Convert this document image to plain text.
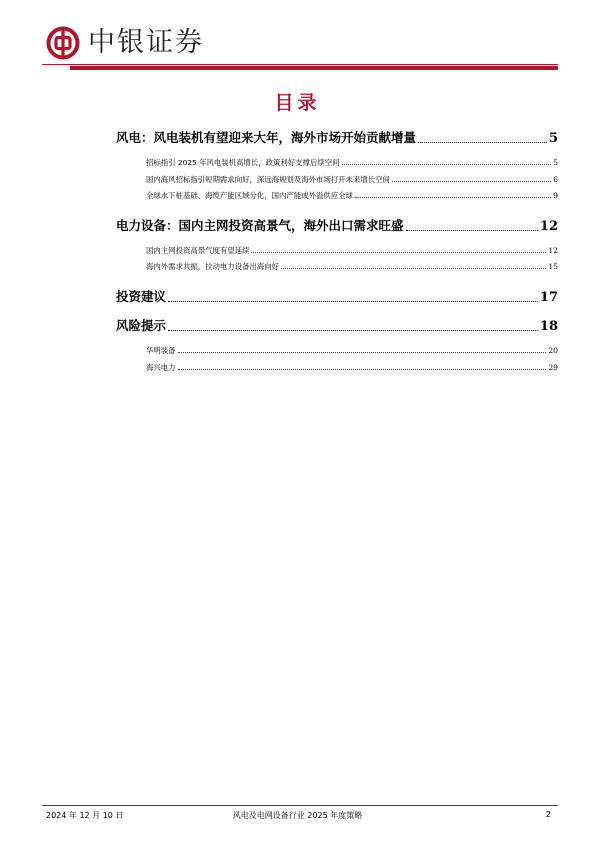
中银证券
目录
风电：风电装机有望迎来大年，海外市场开始贡献增量	5
招标指引 2025 年风电装机高增长，政策利好支撑后续空间	5
国内海风招标指引短期需求向好，深远海规划及海外市场打开未来增长空间	6
全球水下桩基础、海缆产能区域分化，国内产能或外溢供应全球	9
电力设备：国内主网投资高景气，海外出口需求旺盛	12
国内主网投资高景气度有望延续	12
海内外需求共振，拉动电力设备出海向好	15
投资建议	17
风险提示	18
华明装备	20
海兴电力	29
2024 年 12 月 10 日	风电及电网设备行业 2025 年度策略	2
